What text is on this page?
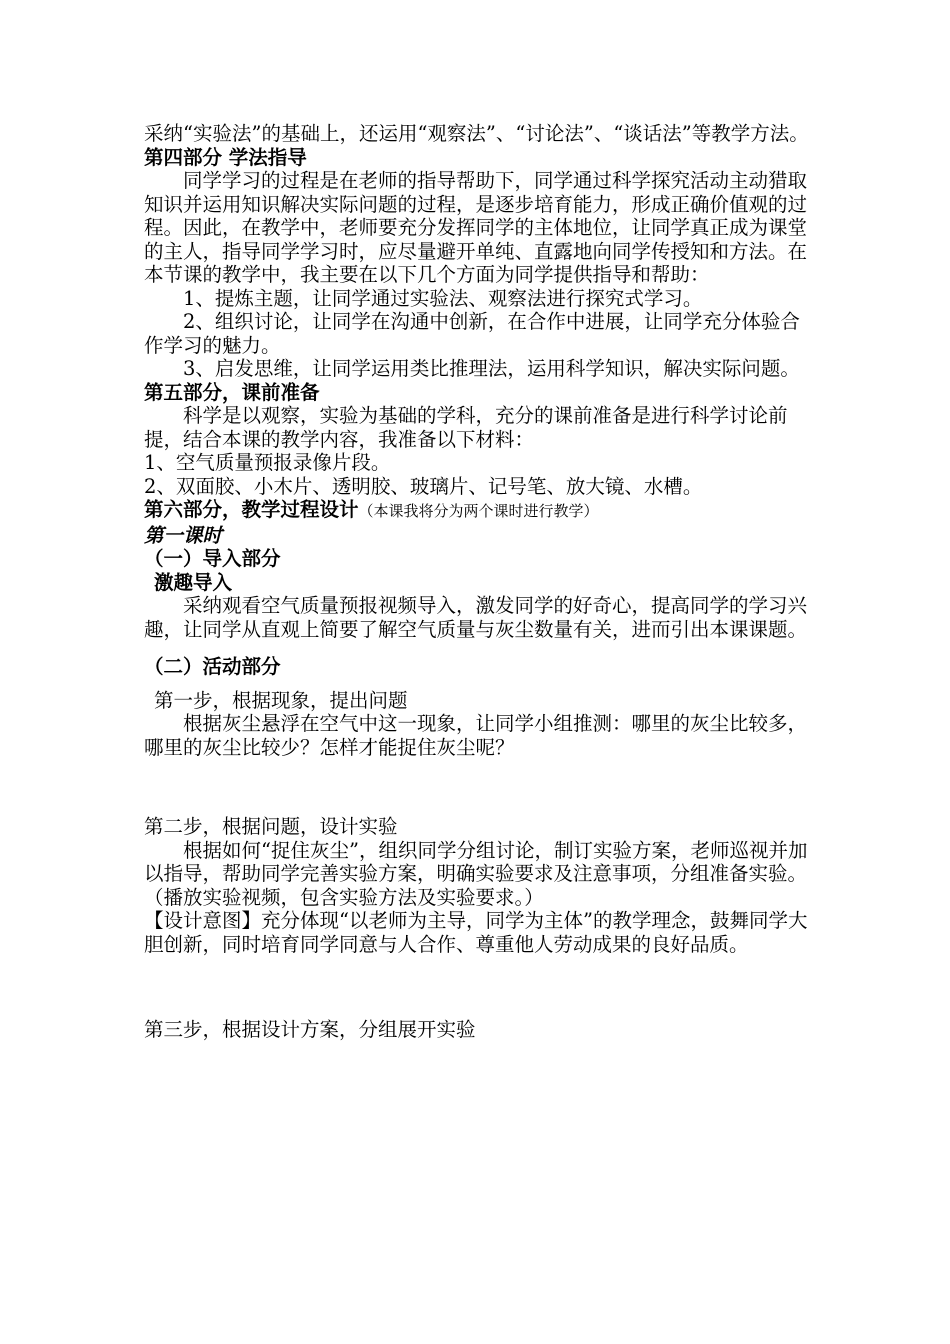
采纳“实验法”的基础上，还运用“观察法”、“讨论法”、“谈话法”等教学方法。

第四部分 学法指导

同学学习的过程是在老师的指导帮助下，同学通过科学探究活动主动猎取知识并运用知识解决实际问题的过程，是逐步培育能力，形成正确价值观的过程。因此，在教学中，老师要充分发挥同学的主体地位，让同学真正成为课堂的主人，指导同学学习时，应尽量避开单纯、直露地向同学传授知和方法。在本节课的教学中，我主要在以下几个方面为同学提供指导和帮助：

1、提炼主题，让同学通过实验法、观察法进行探究式学习。

2、组织讨论，让同学在沟通中创新，在合作中进展，让同学充分体验合作学习的魅力。

3、启发思维，让同学运用类比推理法，运用科学知识，解决实际问题。

第五部分，课前准备

科学是以观察，实验为基础的学科，充分的课前准备是进行科学讨论前提，结合本课的教学内容，我准备以下材料：

1、空气质量预报录像片段。

2、双面胶、小木片、透明胶、玻璃片、记号笔、放大镜、水槽。

第六部分，教学过程设计（本课我将分为两个课时进行教学）

第一课时

（一）导入部分

激趣导入

采纳观看空气质量预报视频导入，激发同学的好奇心，提高同学的学习兴趣，让同学从直观上简要了解空气质量与灰尘数量有关，进而引出本课课题。

（二）活动部分

第一步，根据现象，提出问题

根据灰尘悬浮在空气中这一现象，让同学小组推测：哪里的灰尘比较多，哪里的灰尘比较少？怎样才能捉住灰尘呢？

第二步，根据问题，设计实验

根据如何“捉住灰尘”，组织同学分组讨论，制订实验方案，老师巡视并加以指导，帮助同学完善实验方案，明确实验要求及注意事项，分组准备实验。（播放实验视频，包含实验方法及实验要求。）

【设计意图】充分体现“以老师为主导，同学为主体”的教学理念，鼓舞同学大胆创新，同时培育同学同意与人合作、尊重他人劳动成果的良好品质。

第三步，根据设计方案，分组展开实验
